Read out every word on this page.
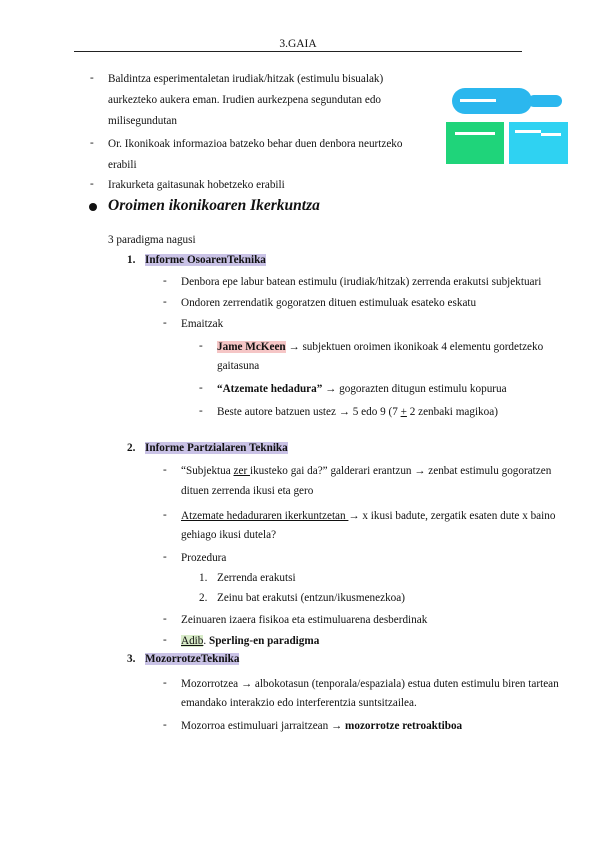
3.GAIA
- Baldintza esperimentaletan irudiak/hitzak (estimulu bisualak)
aurkezteko aukera eman. Irudien aurkezpena segundutan edo
milisegundutan
- Or. Ikonikoak informazioa batzeko behar duen denbora neurtzeko
erabili
- Irakurketa gaitasunak hobetzeko erabili
Oroimen ikonikoaren Ikerkuntza
3 paradigma nagusi
1. Informe OsoarenTeknika
- Denbora epe labur batean estimulu (irudiak/hitzak) zerrenda erakutsi subjektuari
- Ondoren zerrendatik gogoratzen dituen estimuluak esateko eskatu
- Emaitzak
- Jame McKeen → subjektuen oroimen ikonikoak 4 elementu gordetzeko
gaitasuna
- “Atzemate hedadura” → gogorazten ditugun estimulu kopurua
- Beste autore batzuen ustez → 5 edo 9 (7 + 2 zenbaki magikoa)
2. Informe Partzialaren Teknika
- “Subjektua zer ikusteko gai da?” galderari erantzun → zenbat estimulu gogoratzen
dituen zerrenda ikusi eta gero
- Atzemate hedaduraren ikerkuntzetan → x ikusi badute, zergatik esaten dute x baino
gehiago ikusi dutela?
- Prozedura
1. Zerrenda erakutsi
2. Zeinu bat erakutsi (entzun/ikusmenezkoa)
- Zeinuaren izaera fisikoa eta estimuluarena desberdinak
- Adib. Sperling-en paradigma
3. MozorrotzeTeknika
- Mozorrotzea → albokotasun (tenporala/espaziala) estua duten estimulu biren tartean
emandako interakzio edo interferentzia suntsitzailea.
- Mozorroa estimuluari jarraitzean → mozorrotze retroaktiboa
